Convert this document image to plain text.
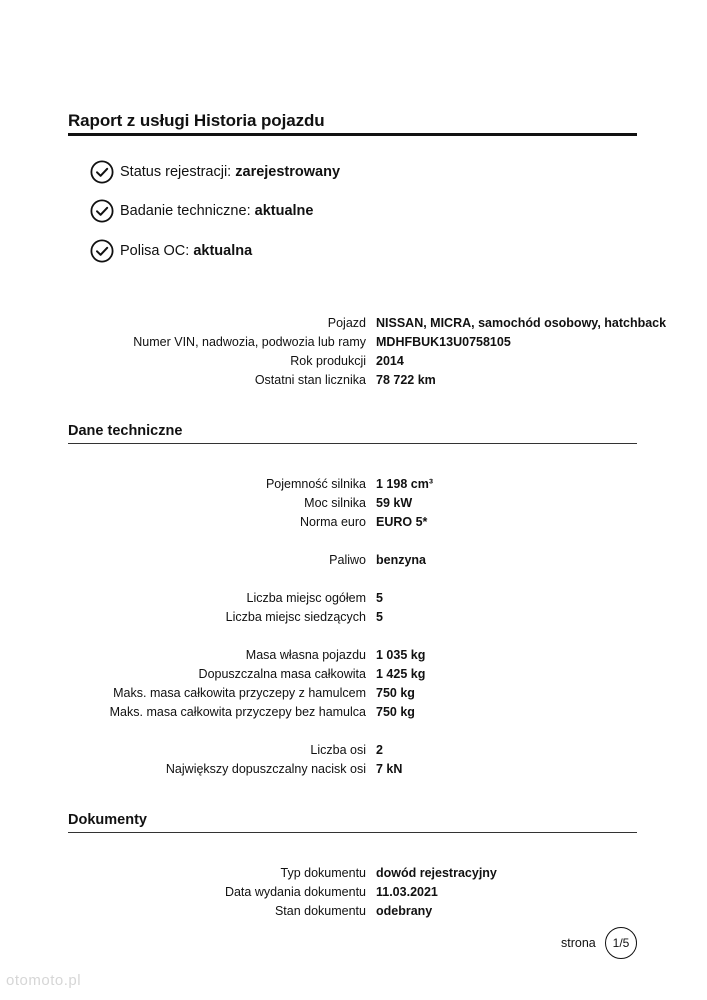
Raport z usługi Historia pojazdu
Status rejestracji:
zarejestrowany
Badanie techniczne:
aktualne
Polisa OC:
aktualna
Pojazd NISSAN, MICRA, samochód osobowy, hatchback
Numer VIN, nadwozia, podwozia lub ramy MDHFBUK13U0758105
Rok produkcji 2014
Ostatni stan licznika 78 722 km
Dane techniczne
Pojemność silnika 1 198 cm³
Moc silnika 59 kW
Norma euro EURO 5*
Paliwo benzyna
Liczba miejsc ogółem 5
Liczba miejsc siedzących 5
Masa własna pojazdu 1 035 kg
Dopuszczalna masa całkowita 1 425 kg
Maks. masa całkowita przyczepy z hamulcem 750 kg
Maks. masa całkowita przyczepy bez hamulca 750 kg
Liczba osi 2
Największy dopuszczalny nacisk osi 7 kN
Dokumenty
Typ dokumentu dowód rejestracyjny
Data wydania dokumentu 11.03.2021
Stan dokumentu odebrany
strona 1/5
otomoto.pl
